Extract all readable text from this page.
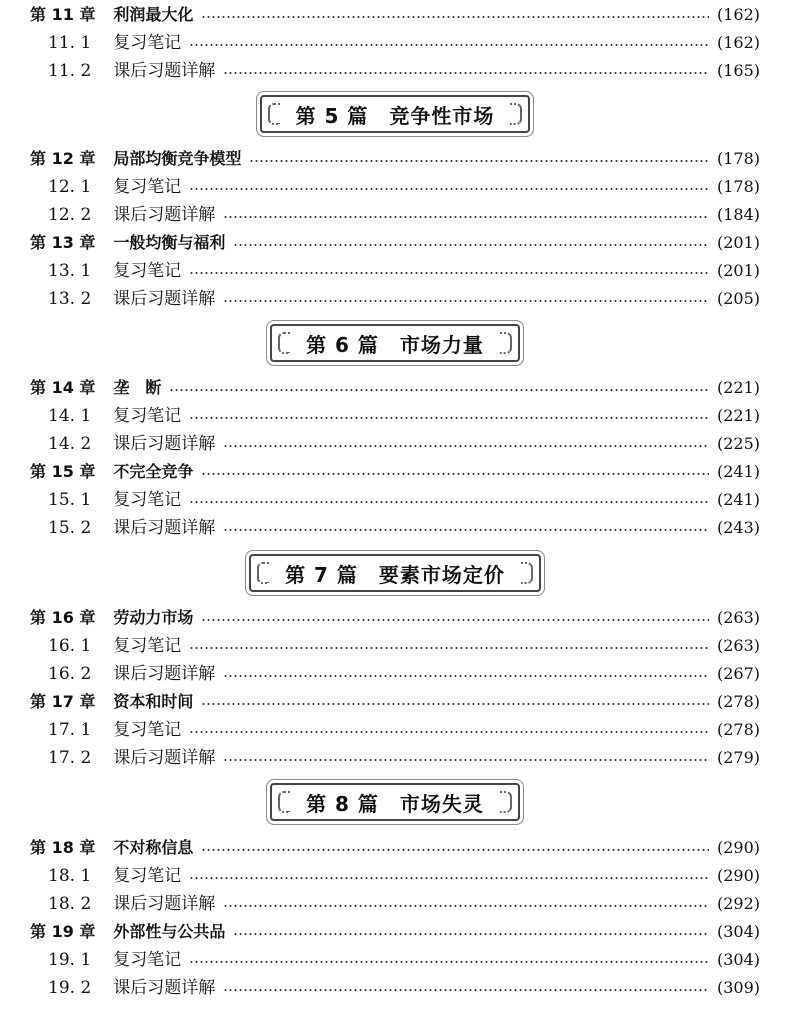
第 11 章	利润最大化	(162)
11. 1	复习笔记	(162)
11. 2	课后习题详解	(165)
第 5 篇　竞争性市场
第 12 章	局部均衡竞争模型	(178)
12. 1	复习笔记	(178)
12. 2	课后习题详解	(184)
第 13 章	一般均衡与福利	(201)
13. 1	复习笔记	(201)
13. 2	课后习题详解	(205)
第 6 篇　市场力量
第 14 章	垄　断	(221)
14. 1	复习笔记	(221)
14. 2	课后习题详解	(225)
第 15 章	不完全竞争	(241)
15. 1	复习笔记	(241)
15. 2	课后习题详解	(243)
第 7 篇　要素市场定价
第 16 章	劳动力市场	(263)
16. 1	复习笔记	(263)
16. 2	课后习题详解	(267)
第 17 章	资本和时间	(278)
17. 1	复习笔记	(278)
17. 2	课后习题详解	(279)
第 8 篇　市场失灵
第 18 章	不对称信息	(290)
18. 1	复习笔记	(290)
18. 2	课后习题详解	(292)
第 19 章	外部性与公共品	(304)
19. 1	复习笔记	(304)
19. 2	课后习题详解	(309)
